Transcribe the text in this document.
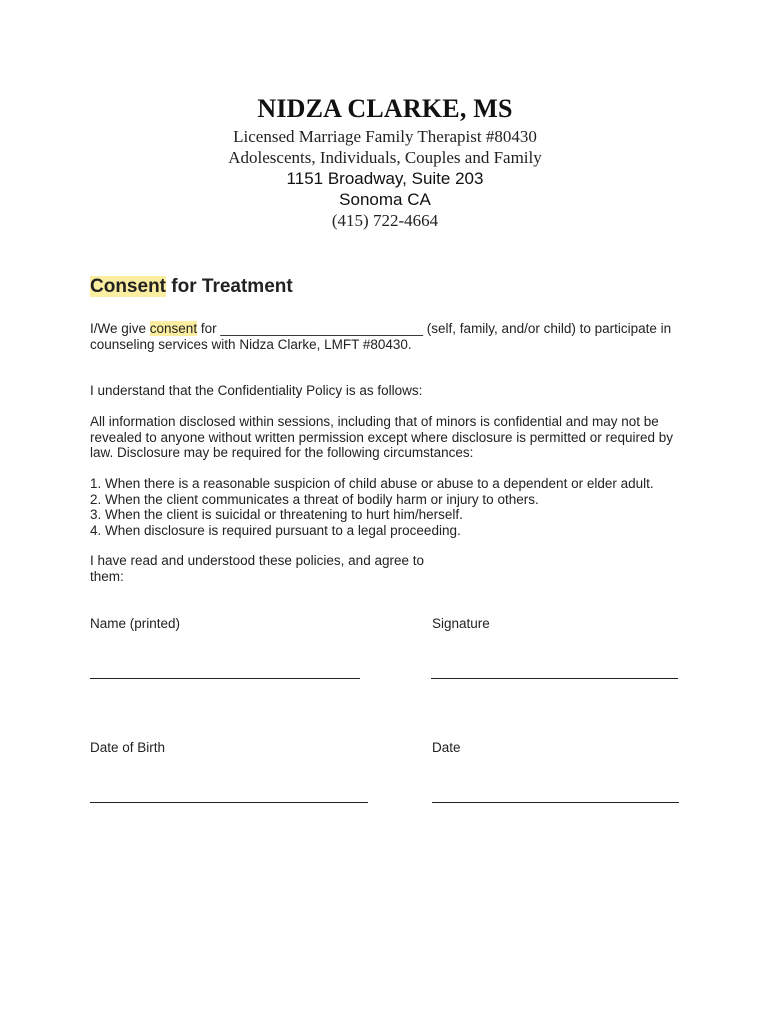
NIDZA CLARKE, MS
Licensed Marriage Family Therapist #80430
Adolescents, Individuals, Couples and Family
1151 Broadway, Suite 203
Sonoma CA
(415) 722-4664
Consent for Treatment
I/We give consent for ___________________________ (self, family, and/or child) to participate in counseling services with Nidza Clarke, LMFT #80430.
I understand that the Confidentiality Policy is as follows:
All information disclosed within sessions, including that of minors is confidential and may not be revealed to anyone without written permission except where disclosure is permitted or required by law. Disclosure may be required for the following circumstances:
1. When there is a reasonable suspicion of child abuse or abuse to a dependent or elder adult.
2. When the client communicates a threat of bodily harm or injury to others.
3. When the client is suicidal or threatening to hurt him/herself.
4. When disclosure is required pursuant to a legal proceeding.
I have read and understood these policies, and agree to them:
Name (printed)	Signature
Date of Birth	Date
